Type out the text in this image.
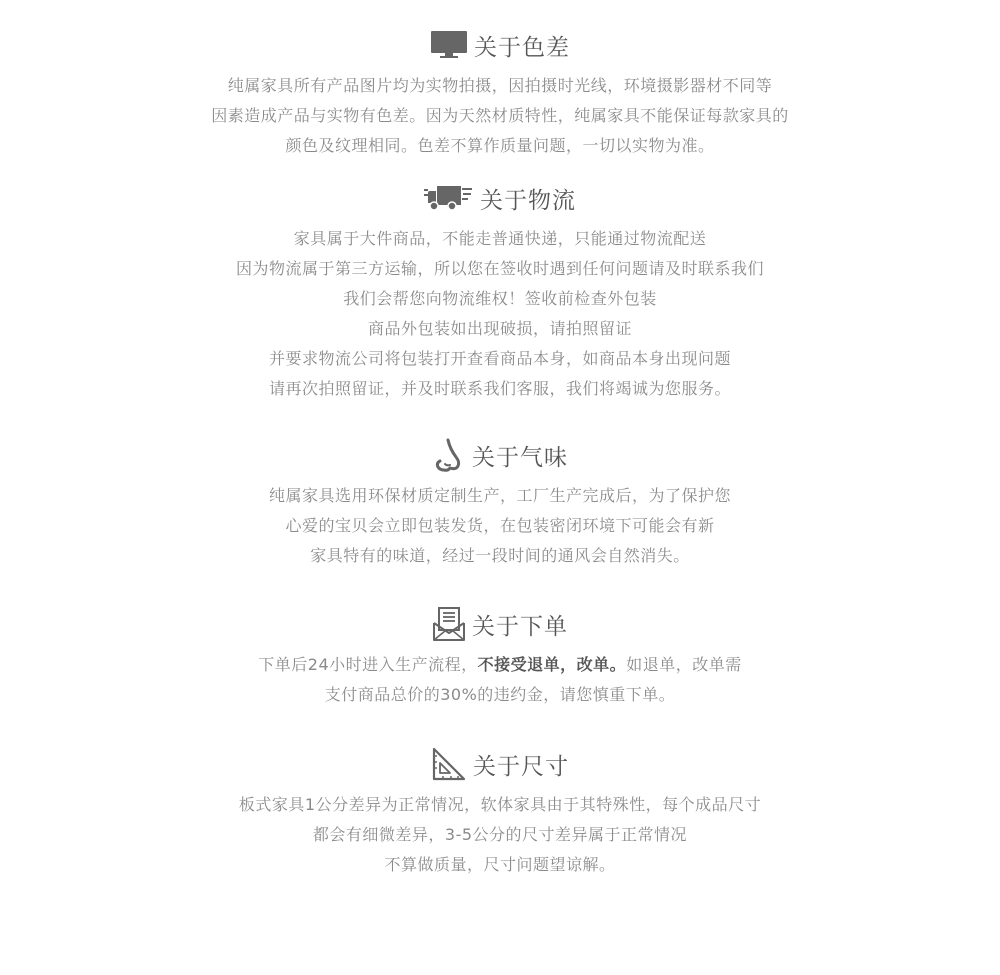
关于色差
纯属家具所有产品图片均为实物拍摄，因拍摄时光线，环境摄影器材不同等
因素造成产品与实物有色差。因为天然材质特性，纯属家具不能保证每款家具的
颜色及纹理相同。色差不算作质量问题，一切以实物为准。
关于物流
家具属于大件商品，不能走普通快递，只能通过物流配送
因为物流属于第三方运输，所以您在签收时遇到任何问题请及时联系我们
我们会帮您向物流维权！签收前检查外包装
商品外包装如出现破损，请拍照留证
并要求物流公司将包装打开查看商品本身，如商品本身出现问题
请再次拍照留证，并及时联系我们客服，我们将竭诚为您服务。
关于气味
纯属家具选用环保材质定制生产，工厂生产完成后，为了保护您
心爱的宝贝会立即包装发货，在包装密闭环境下可能会有新
家具特有的味道，经过一段时间的通风会自然消失。
关于下单
下单后24小时进入生产流程，不接受退单，改单。如退单，改单需
支付商品总价的30%的违约金，请您慎重下单。
关于尺寸
板式家具1公分差异为正常情况，软体家具由于其特殊性，每个成品尺寸
都会有细微差异，3-5公分的尺寸差异属于正常情况
不算做质量，尺寸问题望谅解。
